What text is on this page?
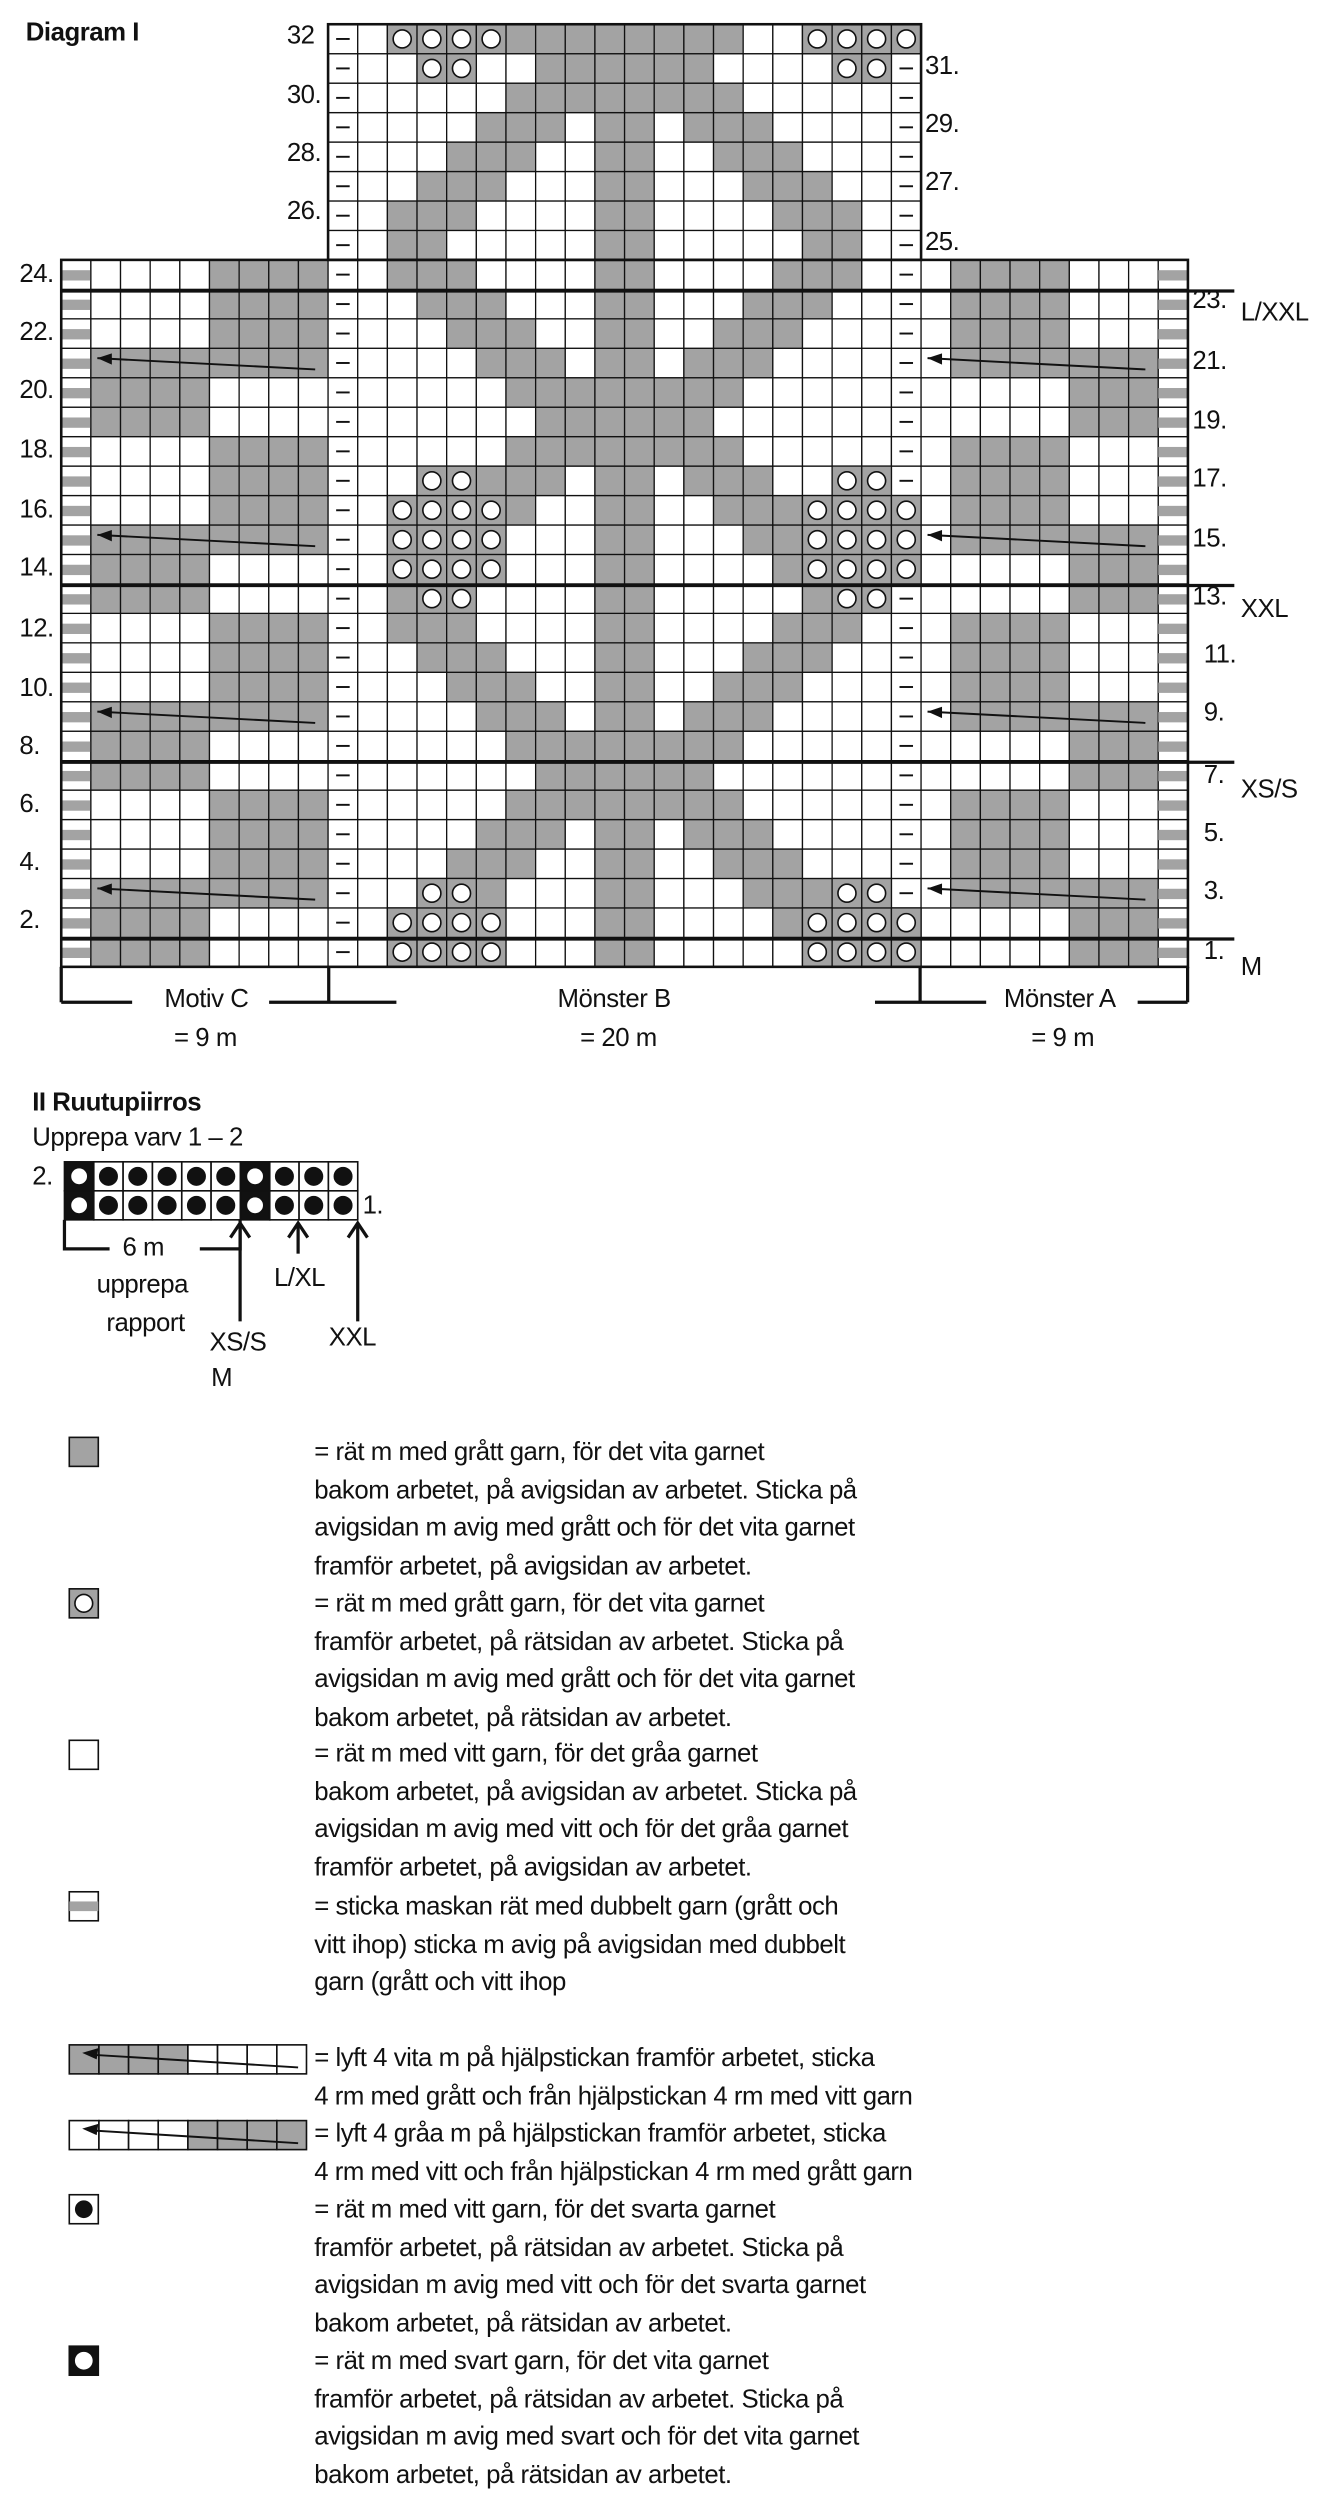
Diagram I
2.
4.
6.
8.
10.
12.
14.
16.
18.
20.
22.
24.
26.
28.
30.
32
1.
3.
5.
7.
9.
11.
13.
15.
17.
19.
21.
23.
25.
27.
29.
31.
M
XS/S
XXL
L/XXL
Motiv C
= 9 m
Mönster B
= 20 m
Mönster A
= 9 m
II Ruutupiirros
Upprepa varv 1 – 2
2.
1.
6 m
upprepa
rapport
L/XL
XS/S
M
XXL
= rät m med grått garn, för det vita garnet
bakom arbetet, på avigsidan av arbetet. Sticka på
avigsidan m avig med grått och för det vita garnet
framför arbetet, på avigsidan av arbetet.
= rät m med grått garn, för det vita garnet
framför arbetet, på rätsidan av arbetet. Sticka på
avigsidan m avig med grått och för det vita garnet
bakom arbetet, på rätsidan av arbetet.
= rät m med vitt garn, för det gråa garnet
bakom arbetet, på avigsidan av arbetet. Sticka på
avigsidan m avig med vitt och för det gråa garnet
framför arbetet, på avigsidan av arbetet.
= sticka maskan rät med dubbelt garn (grått och
vitt ihop) sticka m avig på avigsidan med dubbelt
garn (grått och vitt ihop
= lyft 4 vita m på hjälpstickan framför arbetet, sticka
4 rm med grått och från hjälpstickan 4 rm med vitt garn
= lyft 4 gråa m på hjälpstickan framför arbetet, sticka
4 rm med vitt och från hjälpstickan 4 rm med grått garn
= rät m med vitt garn, för det svarta garnet
framför arbetet, på rätsidan av arbetet. Sticka på
avigsidan m avig med vitt och för det svarta garnet
bakom arbetet, på rätsidan av arbetet.
= rät m med svart garn, för det vita garnet
framför arbetet, på rätsidan av arbetet. Sticka på
avigsidan m avig med svart och för det vita garnet
bakom arbetet, på rätsidan av arbetet.
